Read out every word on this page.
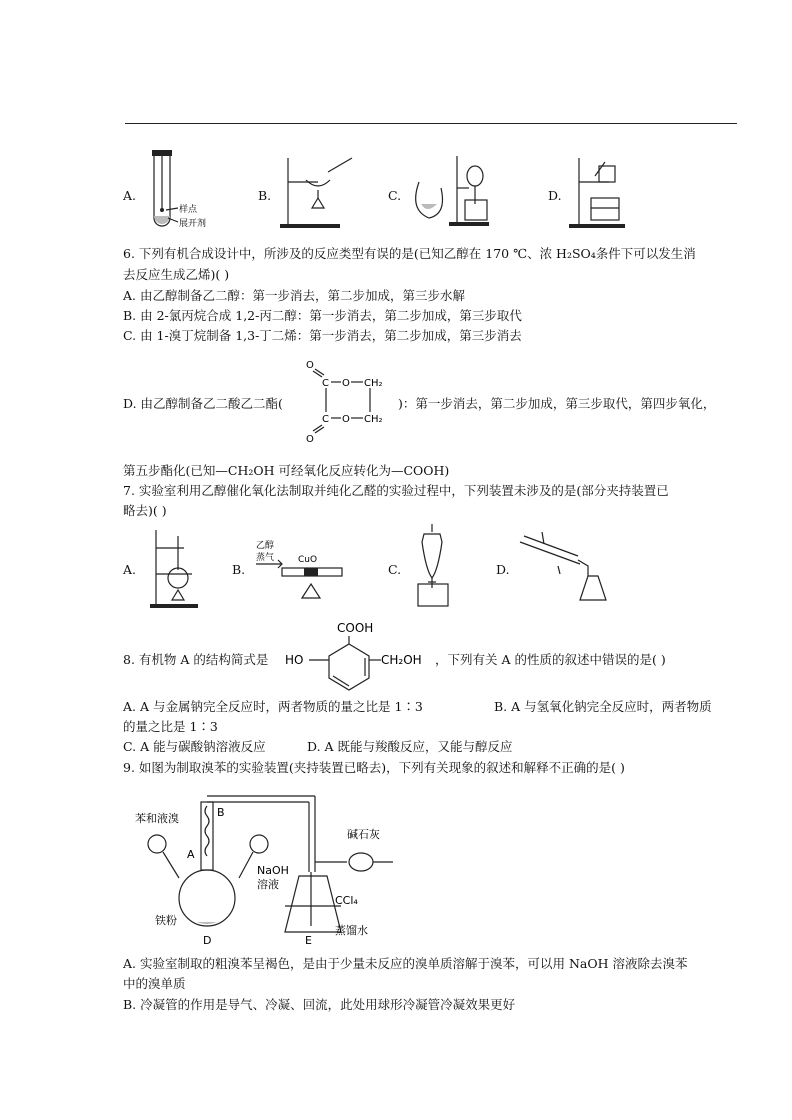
A.
样点
展开剂
B.	C.	D.
6. 下列有机合成设计中，所涉及的反应类型有误的是(已知乙醇在 170 ℃、浓 H₂SO₄条件下可以发生消
去反应生成乙烯)( )
A. 由乙醇制备乙二醇：第一步消去，第二步加成，第三步水解
B. 由 2-氯丙烷合成 1,2-丙二醇：第一步消去，第二步加成，第三步取代
C. 由 1-溴丁烷制备 1,3-丁二烯：第一步消去，第二步加成，第三步消去
D. 由乙醇制备乙二酸乙二酯(	)：第一步消去，第二步加成，第三步取代，第四步氧化，
O
O
C
C
O
O
CH₂
CH₂
第五步酯化(已知—CH₂OH 可经氧化反应转化为—COOH)
7. 实验室利用乙醇催化氧化法制取并纯化乙醛的实验过程中，下列装置未涉及的是(部分夹持装置已
略去)( )
A.	B.
乙醇
蒸气	CuO
C.	D.
8. 有机物 A 的结构简式是
COOH
HO	CH₂OH ，下列有关 A 的性质的叙述中错误的是( )
A. A 与金属钠完全反应时，两者物质的量之比是 1∶3	B. A 与氢氧化钠完全反应时，两者物质
的量之比是 1∶3
C. A 能与碳酸钠溶液反应	D. A 既能与羧酸反应，又能与醇反应
9. 如图为制取溴苯的实验装置(夹持装置已略去)，下列有关现象的叙述和解释不正确的是( )
B
A
苯和液溴
NaOH
溶液
铁粉
D	E
碱石灰
CCl₄
蒸馏水
A. 实验室制取的粗溴苯呈褐色，是由于少量未反应的溴单质溶解于溴苯，可以用 NaOH 溶液除去溴苯
中的溴单质
B. 冷凝管的作用是导气、冷凝、回流，此处用球形冷凝管冷凝效果更好
